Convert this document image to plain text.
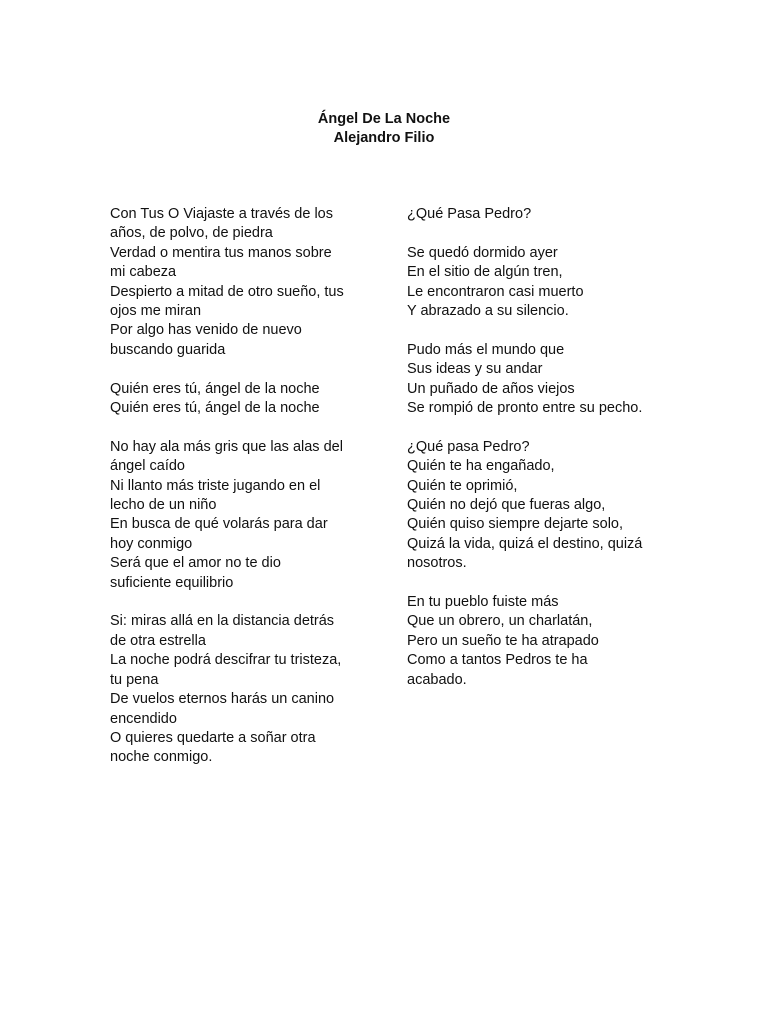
Ángel De La Noche
Alejandro Filio
Con Tus O Viajaste a través de los
años, de polvo, de piedra
Verdad o mentira tus manos sobre
mi cabeza
Despierto a mitad de otro sueño, tus
ojos me miran
Por algo has venido de nuevo
buscando guarida
Quién eres tú, ángel de la noche
Quién eres tú, ángel de la noche
No hay ala más gris que las alas del
ángel caído
Ni llanto más triste jugando en el
lecho de un niño
En busca de qué volarás para dar
hoy conmigo
Será que el amor no te dio
suficiente equilibrio
Si: miras allá en la distancia detrás
de otra estrella
La noche podrá descifrar tu tristeza,
tu pena
De vuelos eternos harás un canino
encendido
O quieres quedarte a soñar otra
noche conmigo.
¿Qué Pasa Pedro?
Se quedó dormido ayer
En el sitio de algún tren,
Le encontraron casi muerto
Y abrazado a su silencio.
Pudo más el mundo que
Sus ideas y su andar
Un puñado de años viejos
Se rompió de pronto entre su pecho.
¿Qué pasa Pedro?
Quién te ha engañado,
Quién te oprimió,
Quién no dejó que fueras algo,
Quién quiso siempre dejarte solo,
Quizá la vida, quizá el destino, quizá
nosotros.
En tu pueblo fuiste más
Que un obrero, un charlatán,
Pero un sueño te ha atrapado
Como a tantos Pedros te ha
acabado.
